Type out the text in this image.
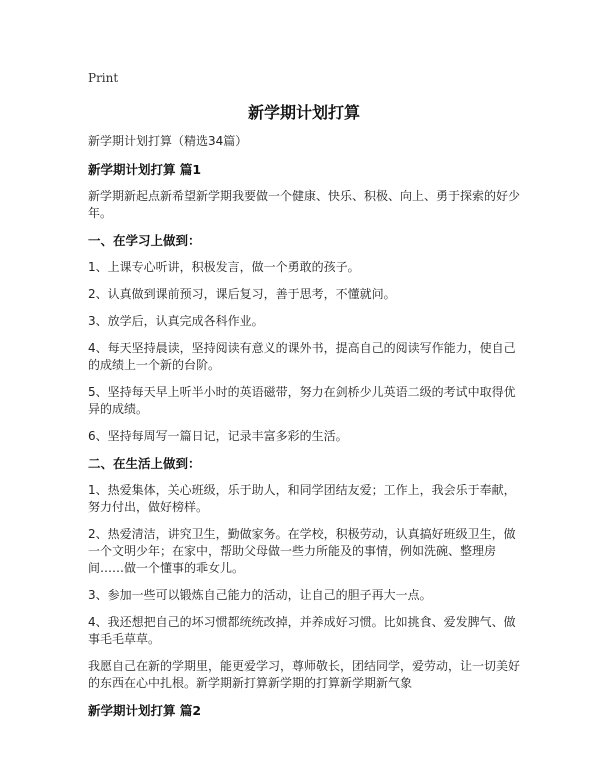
Print
新学期计划打算

新学期计划打算（精选34篇）

新学期计划打算 篇1

新学期新起点新希望新学期我要做一个健康、快乐、积极、向上、勇于探索的好少年。

一、在学习上做到：

1、上课专心听讲，积极发言，做一个勇敢的孩子。

2、认真做到课前预习，课后复习，善于思考，不懂就问。

3、放学后，认真完成各科作业。

4、每天坚持晨读，坚持阅读有意义的课外书，提高自己的阅读写作能力，使自己的成绩上一个新的台阶。

5、坚持每天早上听半小时的英语磁带，努力在剑桥少儿英语二级的考试中取得优异的成绩。

6、坚持每周写一篇日记，记录丰富多彩的生活。

二、在生活上做到：

1、热爱集体，关心班级，乐于助人，和同学团结友爱；工作上，我会乐于奉献，努力付出，做好榜样。

2、热爱清洁，讲究卫生，勤做家务。在学校，积极劳动，认真搞好班级卫生，做一个文明少年；在家中，帮助父母做一些力所能及的事情，例如洗碗、整理房间……做一个懂事的乖女儿。

3、参加一些可以锻炼自己能力的活动，让自己的胆子再大一点。

4、我还想把自己的坏习惯都统统改掉，并养成好习惯。比如挑食、爱发脾气、做事毛毛草草。

我愿自己在新的学期里，能更爱学习，尊师敬长，团结同学，爱劳动，让一切美好的东西在心中扎根。新学期新打算新学期的打算新学期新气象

新学期计划打算 篇2
